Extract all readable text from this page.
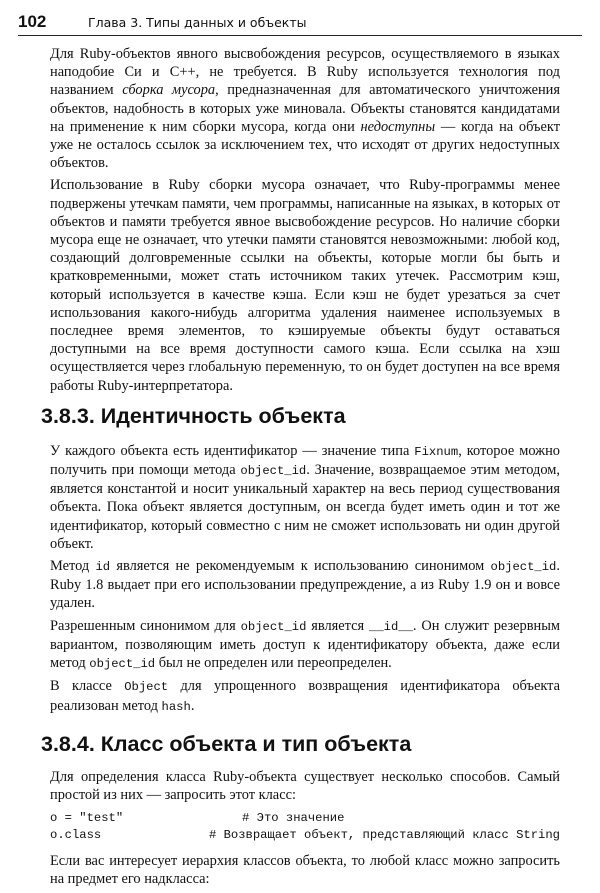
102	Глава 3. Типы данных и объекты

Для Ruby-объектов явного высвобождения ресурсов, осуществляемого в языках наподобие Си и C++, не требуется. В Ruby используется технология под названием сборка мусора, предназначенная для автоматического уничтожения объектов, надобность в которых уже миновала. Объекты становятся кандидатами на применение к ним сборки мусора, когда они недоступны — когда на объект уже не осталось ссылок за исключением тех, что исходят от других недоступных объектов.

Использование в Ruby сборки мусора означает, что Ruby-программы менее подвержены утечкам памяти, чем программы, написанные на языках, в которых от объектов и памяти требуется явное высвобождение ресурсов. Но наличие сборки мусора еще не означает, что утечки памяти становятся невозможными: любой код, создающий долговременные ссылки на объекты, которые могли бы быть и кратковременными, может стать источником таких утечек. Рассмотрим кэш, который используется в качестве кэша. Если кэш не будет урезаться за счет использования какого-нибудь алгоритма удаления наименее используемых в последнее время элементов, то кэшируемые объекты будут оставаться доступными на все время доступности самого кэша. Если ссылка на хэш осуществляется через глобальную переменную, то он будет доступен на все время работы Ruby-интерпретатора.

3.8.3. Идентичность объекта

У каждого объекта есть идентификатор — значение типа Fixnum, которое можно получить при помощи метода object_id. Значение, возвращаемое этим методом, является константой и носит уникальный характер на весь период существования объекта. Пока объект является доступным, он всегда будет иметь один и тот же идентификатор, который совместно с ним не сможет использовать ни один другой объект.

Метод id является не рекомендуемым к использованию синонимом object_id. Ruby 1.8 выдает при его использовании предупреждение, а из Ruby 1.9 он и вовсе удален.

Разрешенным синонимом для object_id является __id__. Он служит резервным вариантом, позволяющим иметь доступ к идентификатору объекта, даже если метод object_id был не определен или переопределен.

В классе Object для упрощенного возвращения идентификатора объекта реализован метод hash.

3.8.4. Класс объекта и тип объекта

Для определения класса Ruby-объекта существует несколько способов. Самый простой из них — запросить этот класс:

o = "test"	# Это значение
o.class	# Возвращает объект, представляющий класс String

Если вас интересует иерархия классов объекта, то любой класс можно запросить на предмет его надкласса:
